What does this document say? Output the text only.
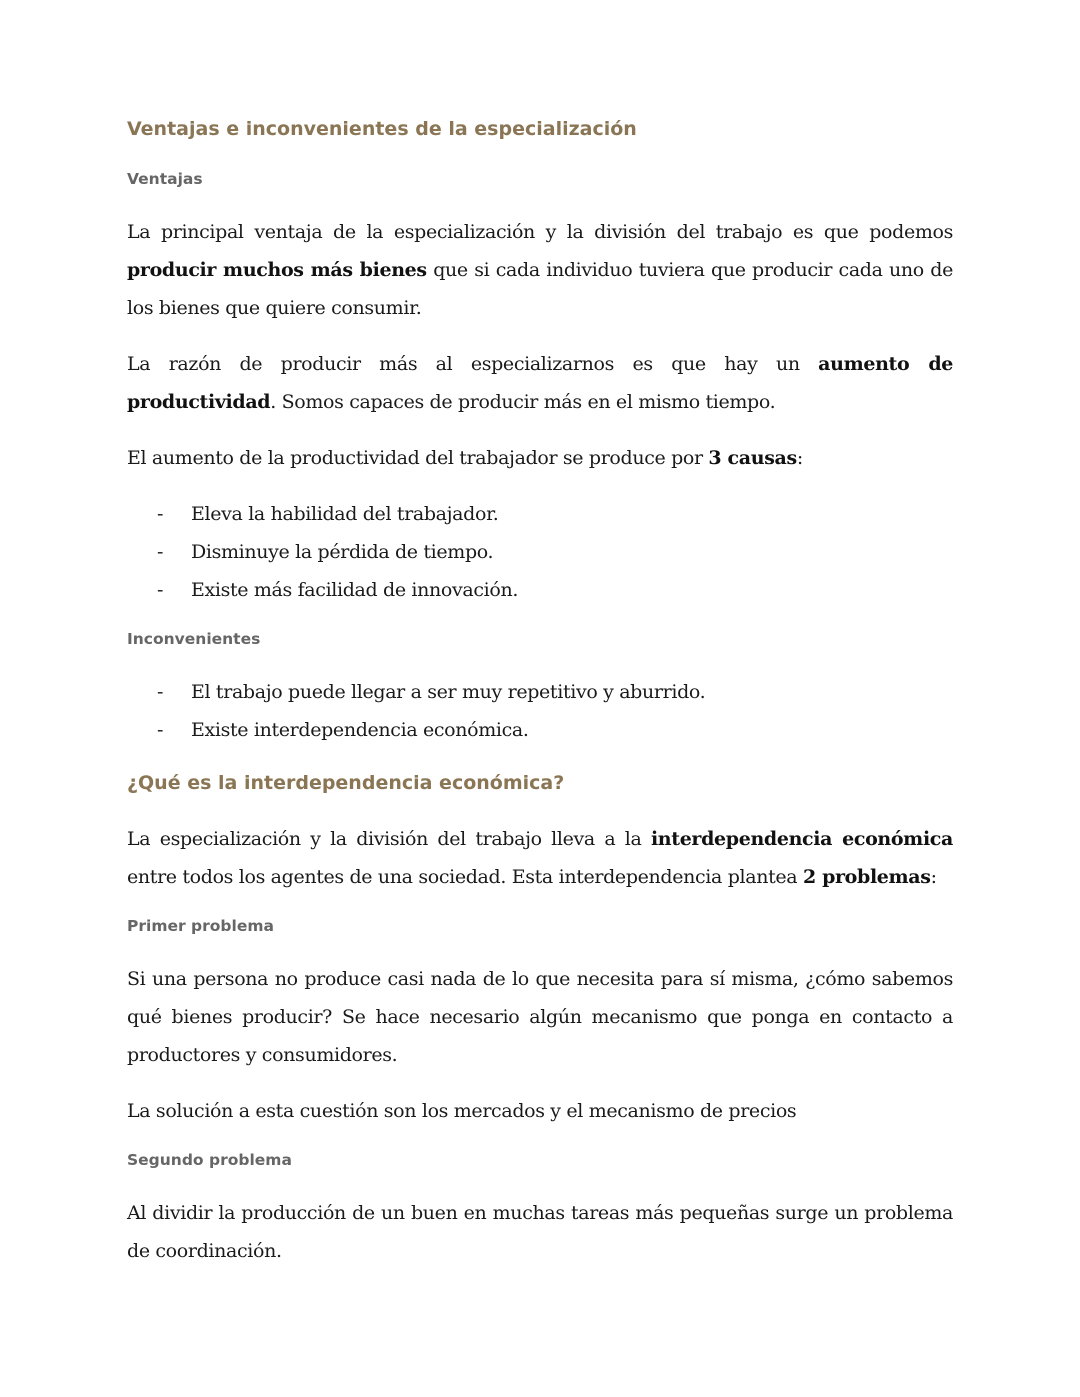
Ventajas e inconvenientes de la especialización
Ventajas

La principal ventaja de la especialización y la división del trabajo es que podemos producir muchos más bienes que si cada individuo tuviera que producir cada uno de los bienes que quiere consumir.

La razón de producir más al especializarnos es que hay un aumento de productividad. Somos capaces de producir más en el mismo tiempo.

El aumento de la productividad del trabajador se produce por 3 causas:

- Eleva la habilidad del trabajador.
- Disminuye la pérdida de tiempo.
- Existe más facilidad de innovación.
Inconvenientes
- El trabajo puede llegar a ser muy repetitivo y aburrido.
- Existe interdependencia económica.
¿Qué es la interdependencia económica?

La especialización y la división del trabajo lleva a la interdependencia económica entre todos los agentes de una sociedad. Esta interdependencia plantea 2 problemas:

Primer problema

Si una persona no produce casi nada de lo que necesita para sí misma, ¿cómo sabemos qué bienes producir? Se hace necesario algún mecanismo que ponga en contacto a productores y consumidores.

La solución a esta cuestión son los mercados y el mecanismo de precios

Segundo problema

Al dividir la producción de un buen en muchas tareas más pequeñas surge un problema de coordinación.
